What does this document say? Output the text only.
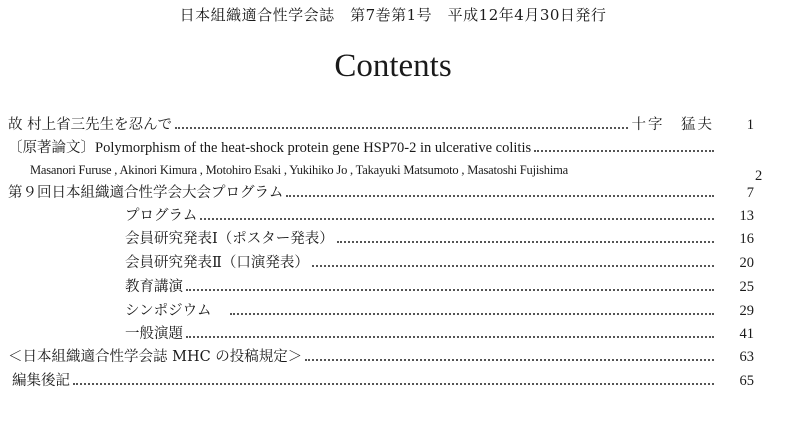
日本組織適合性学会誌　第7巻第1号　平成12年4月30日発行
Contents
故 村上省三先生を忍んで	十字　猛夫	1
〔原著論文〕 Polymorphism of the heat-shock protein gene HSP70-2 in ulcerative colitis
Masanori Furuse , Akinori Kimura , Motohiro Esaki , Yukihiko Jo , Takayuki Matsumoto , Masatoshi Fujishima	2
第９回日本組織適合性学会大会プログラム	7
プログラム	13
会員研究発表Ⅰ（ポスター発表）	16
会員研究発表Ⅱ（口演発表）	20
教育講演	25
シンポジウム	29
一般演題	41
＜日本組織適合性学会誌 MHC の投稿規定＞	63
編集後記	65
